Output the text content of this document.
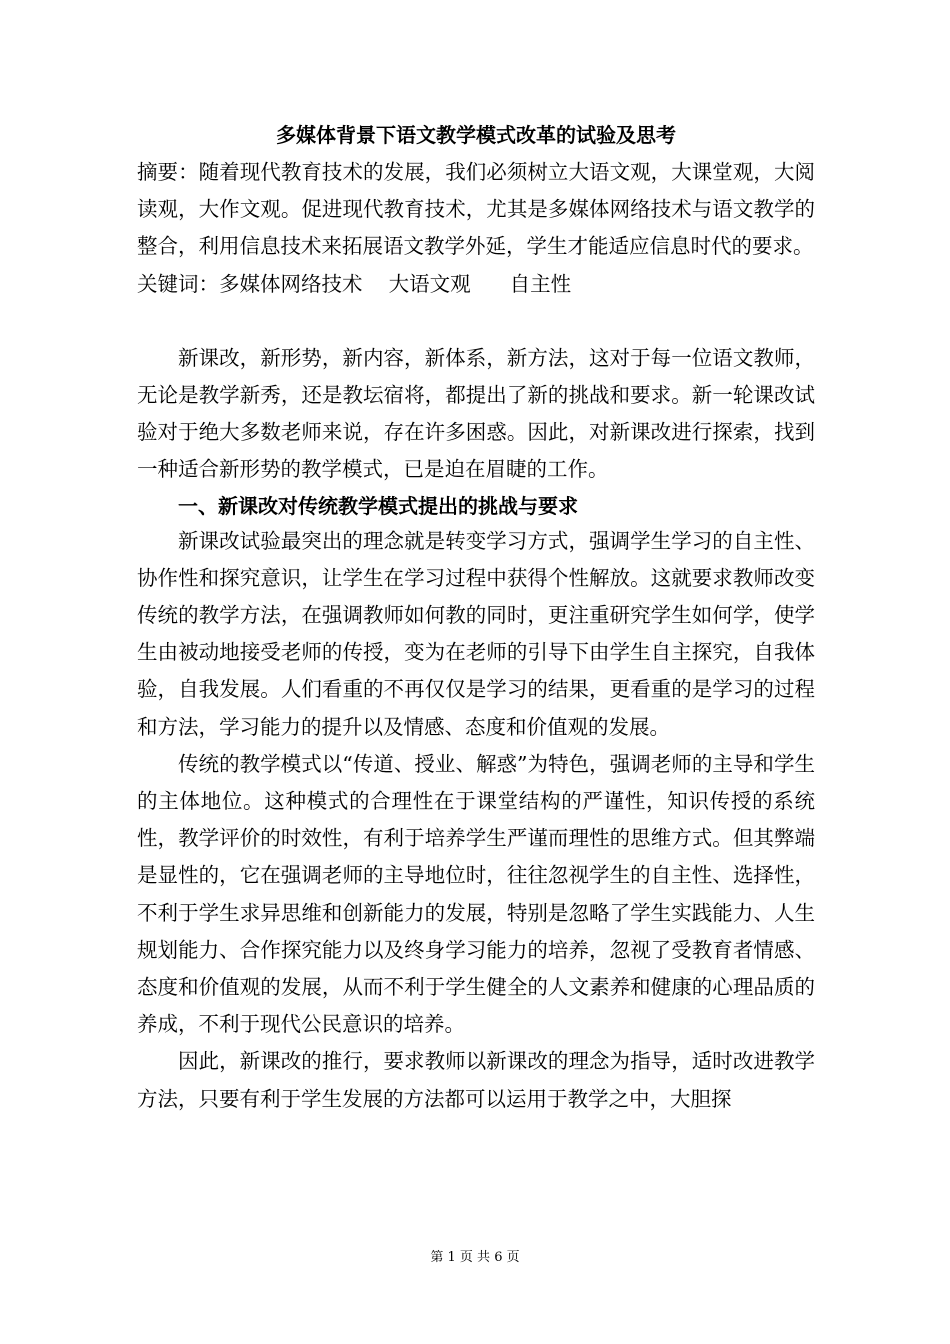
多媒体背景下语文教学模式改革的试验及思考

摘要：随着现代教育技术的发展，我们必须树立大语文观，大课堂观，大阅读观，大作文观。促进现代教育技术，尤其是多媒体网络技术与语文教学的整合，利用信息技术来拓展语文教学外延，学生才能适应信息时代的要求。

关键词：多媒体网络技术    大语文观      自主性

新课改，新形势，新内容，新体系，新方法，这对于每一位语文教师，无论是教学新秀，还是教坛宿将，都提出了新的挑战和要求。新一轮课改试验对于绝大多数老师来说，存在许多困惑。因此，对新课改进行探索，找到一种适合新形势的教学模式，已是迫在眉睫的工作。

一、新课改对传统教学模式提出的挑战与要求

新课改试验最突出的理念就是转变学习方式，强调学生学习的自主性、协作性和探究意识，让学生在学习过程中获得个性解放。这就要求教师改变传统的教学方法，在强调教师如何教的同时，更注重研究学生如何学，使学生由被动地接受老师的传授，变为在老师的引导下由学生自主探究，自我体验，自我发展。人们看重的不再仅仅是学习的结果，更看重的是学习的过程和方法，学习能力的提升以及情感、态度和价值观的发展。

传统的教学模式以“传道、授业、解惑”为特色，强调老师的主导和学生的主体地位。这种模式的合理性在于课堂结构的严谨性，知识传授的系统性，教学评价的时效性，有利于培养学生严谨而理性的思维方式。但其弊端是显性的，它在强调老师的主导地位时，往往忽视学生的自主性、选择性，不利于学生求异思维和创新能力的发展，特别是忽略了学生实践能力、人生规划能力、合作探究能力以及终身学习能力的培养，忽视了受教育者情感、态度和价值观的发展，从而不利于学生健全的人文素养和健康的心理品质的养成，不利于现代公民意识的培养。

因此，新课改的推行，要求教师以新课改的理念为指导，适时改进教学方法，只要有利于学生发展的方法都可以运用于教学之中，大胆探

第 1 页 共 6 页
